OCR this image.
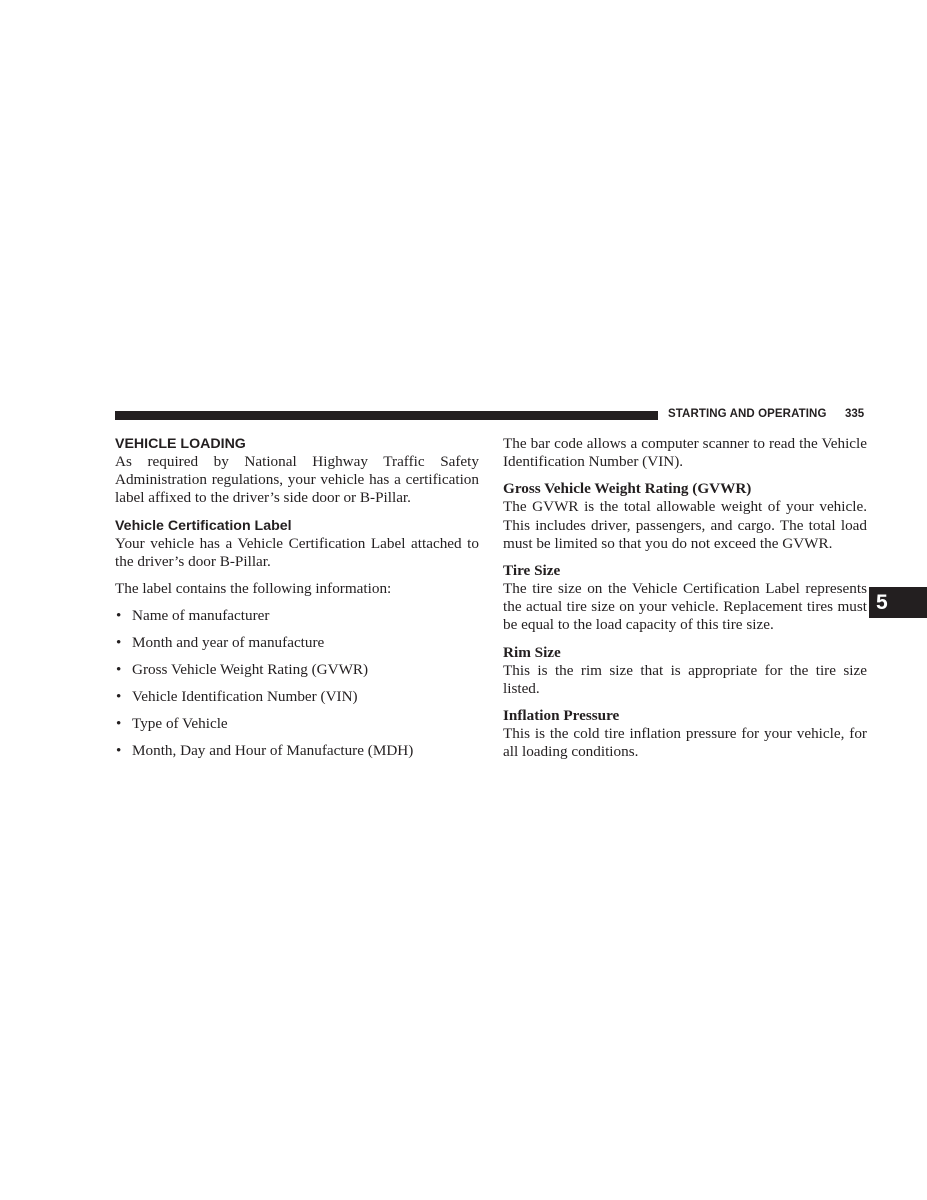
STARTING AND OPERATING 335
5
VEHICLE LOADING

As required by National Highway Traffic Safety Administration regulations, your vehicle has a certification label affixed to the driver’s side door or B-Pillar.

Vehicle Certification Label

Your vehicle has a Vehicle Certification Label attached to the driver’s door B-Pillar.

The label contains the following information:

• Name of manufacturer
• Month and year of manufacture
• Gross Vehicle Weight Rating (GVWR)
• Vehicle Identification Number (VIN)
• Type of Vehicle
• Month, Day and Hour of Manufacture (MDH)

The bar code allows a computer scanner to read the Vehicle Identification Number (VIN).

Gross Vehicle Weight Rating (GVWR)

The GVWR is the total allowable weight of your vehicle. This includes driver, passengers, and cargo. The total load must be limited so that you do not exceed the GVWR.

Tire Size

The tire size on the Vehicle Certification Label represents the actual tire size on your vehicle. Replacement tires must be equal to the load capacity of this tire size.

Rim Size

This is the rim size that is appropriate for the tire size listed.

Inflation Pressure

This is the cold tire inflation pressure for your vehicle, for all loading conditions.
